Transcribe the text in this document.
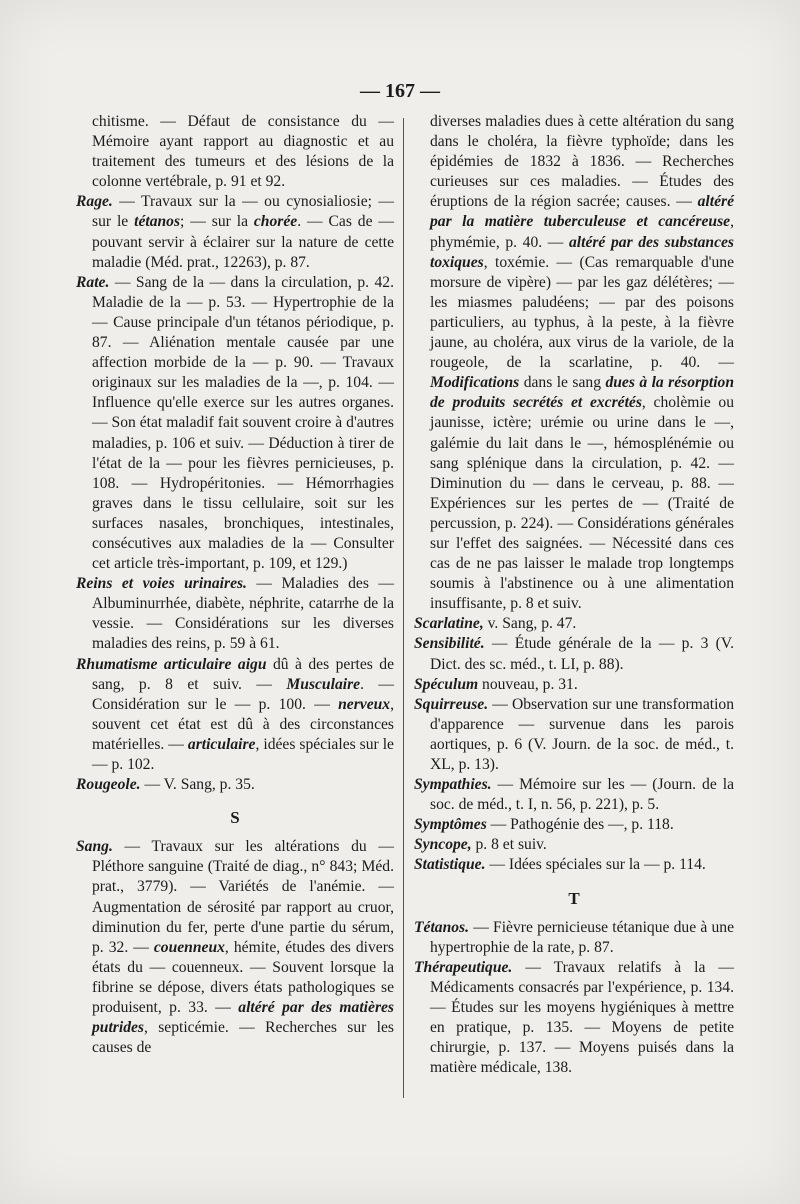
— 167 —

chitisme. — Défaut de consistance du — Mémoire ayant rapport au diagnostic et au traitement des tumeurs et des lésions de la colonne vertébrale, p. 91 et 92.

Rage. — Travaux sur la — ou cynosialiosie; — sur le tétanos; — sur la chorée. — Cas de — pouvant servir à éclairer sur la nature de cette maladie (Méd. prat., 12263), p. 87.

Rate. — Sang de la — dans la circulation, p. 42. Maladie de la — p. 53. — Hypertrophie de la — Cause principale d'un tétanos périodique, p. 87. — Aliénation mentale causée par une affection morbide de la — p. 90. — Travaux originaux sur les maladies de la —, p. 104. — Influence qu'elle exerce sur les autres organes. — Son état maladif fait souvent croire à d'autres maladies, p. 106 et suiv. — Déduction à tirer de l'état de la — pour les fièvres pernicieuses, p. 108. — Hydropéritonies. — Hémorrhagies graves dans le tissu cellulaire, soit sur les surfaces nasales, bronchiques, intestinales, consécutives aux maladies de la — Consulter cet article très-important, p. 109, et 129.)

Reins et voies urinaires. — Maladies des — Albuminurrhée, diabète, néphrite, catarrhe de la vessie. — Considérations sur les diverses maladies des reins, p. 59 à 61.

Rhumatisme articulaire aigu dû à des pertes de sang, p. 8 et suiv. — Musculaire. — Considération sur le — p. 100. — nerveux, souvent cet état est dû à des circonstances matérielles. — articulaire, idées spéciales sur le — p. 102.

Rougeole. — V. Sang, p. 35.

S

Sang. — Travaux sur les altérations du — Pléthore sanguine (Traité de diag., n° 843; Méd. prat., 3779). — Variétés de l'anémie. — Augmentation de sérosité par rapport au cruor, diminution du fer, perte d'une partie du sérum, p. 32. — couenneux, hémite, études des divers états du — couenneux. — Souvent lorsque la fibrine se dépose, divers états pathologiques se produisent, p. 33. — altéré par des matières putrides, septicémie. — Recherches sur les causes de

diverses maladies dues à cette altération du sang dans le choléra, la fièvre typhoïde; dans les épidémies de 1832 à 1836. — Recherches curieuses sur ces maladies. — Études des éruptions de la région sacrée; causes. — altéré par la matière tuberculeuse et cancéreuse, phymémie, p. 40. — altéré par des substances toxiques, toxémie. — (Cas remarquable d'une morsure de vipère) — par les gaz délétères; — les miasmes paludéens; — par des poisons particuliers, au typhus, à la peste, à la fièvre jaune, au choléra, aux virus de la variole, de la rougeole, de la scarlatine, p. 40. — Modifications dans le sang dues à la résorption de produits secrétés et excrétés, cholèmie ou jaunisse, ictère; urémie ou urine dans le —, galémie du lait dans le —, hémosplénémie ou sang splénique dans la circulation, p. 42. — Diminution du — dans le cerveau, p. 88. — Expériences sur les pertes de — (Traité de percussion, p. 224). — Considérations générales sur l'effet des saignées. — Nécessité dans ces cas de ne pas laisser le malade trop longtemps soumis à l'abstinence ou à une alimentation insuffisante, p. 8 et suiv.

Scarlatine, v. Sang, p. 47.

Sensibilité. — Étude générale de la — p. 3 (V. Dict. des sc. méd., t. LI, p. 88).

Spéculum nouveau, p. 31.

Squirreuse. — Observation sur une transformation d'apparence — survenue dans les parois aortiques, p. 6 (V. Journ. de la soc. de méd., t. XL, p. 13).

Sympathies. — Mémoire sur les — (Journ. de la soc. de méd., t. I, n. 56, p. 221), p. 5.

Symptômes — Pathogénie des —, p. 118.

Syncope, p. 8 et suiv.

Statistique. — Idées spéciales sur la — p. 114.

T

Tétanos. — Fièvre pernicieuse tétanique due à une hypertrophie de la rate, p. 87.

Thérapeutique. — Travaux relatifs à la — Médicaments consacrés par l'expérience, p. 134. — Études sur les moyens hygiéniques à mettre en pratique, p. 135. — Moyens de petite chirurgie, p. 137. — Moyens puisés dans la matière médicale, 138.
